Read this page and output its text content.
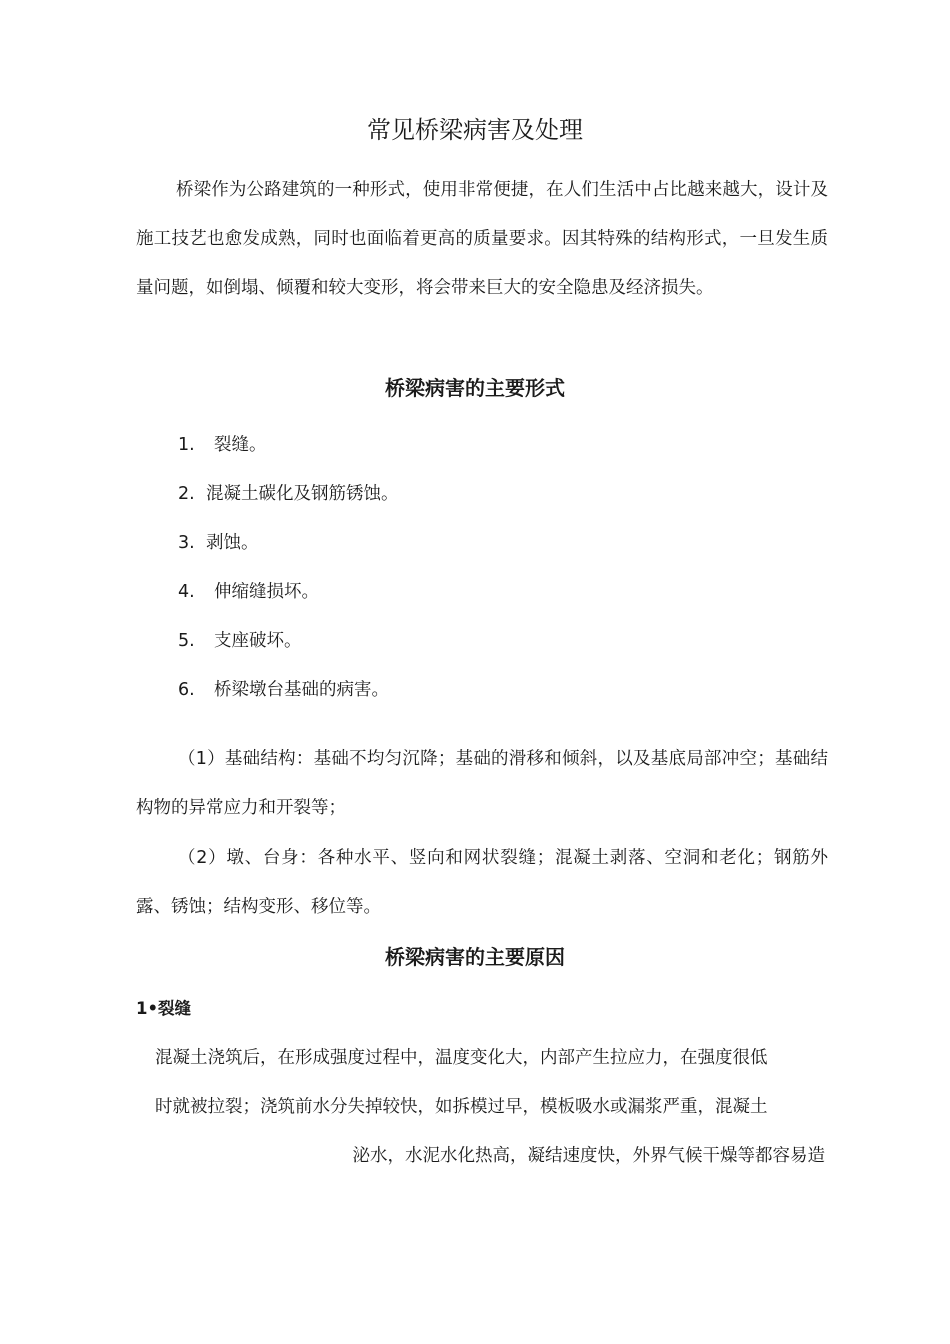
常见桥梁病害及处理

桥梁作为公路建筑的一种形式，使用非常便捷，在人们生活中占比越来越大，设计及施工技艺也愈发成熟，同时也面临着更高的质量要求。因其特殊的结构形式，一旦发生质量问题，如倒塌、倾覆和较大变形，将会带来巨大的安全隐患及经济损失。

桥梁病害的主要形式
1. 裂缝。
2. 混凝土碳化及钢筋锈蚀。
3. 剥蚀。
4. 伸缩缝损坏。
5. 支座破坏。
6. 桥梁墩台基础的病害。

（1）基础结构：基础不均匀沉降；基础的滑移和倾斜，以及基底局部冲空；基础结构物的异常应力和开裂等；

（2）墩、台身：各种水平、竖向和网状裂缝；混凝土剥落、空洞和老化；钢筋外露、锈蚀；结构变形、移位等。

桥梁病害的主要原因
1•裂缝
混凝土浇筑后，在形成强度过程中，温度变化大，内部产生拉应力，在强度很低
时就被拉裂；浇筑前水分失掉较快，如拆模过早，模板吸水或漏浆严重，混凝土
泌水，水泥水化热高，凝结速度快，外界气候干燥等都容易造
